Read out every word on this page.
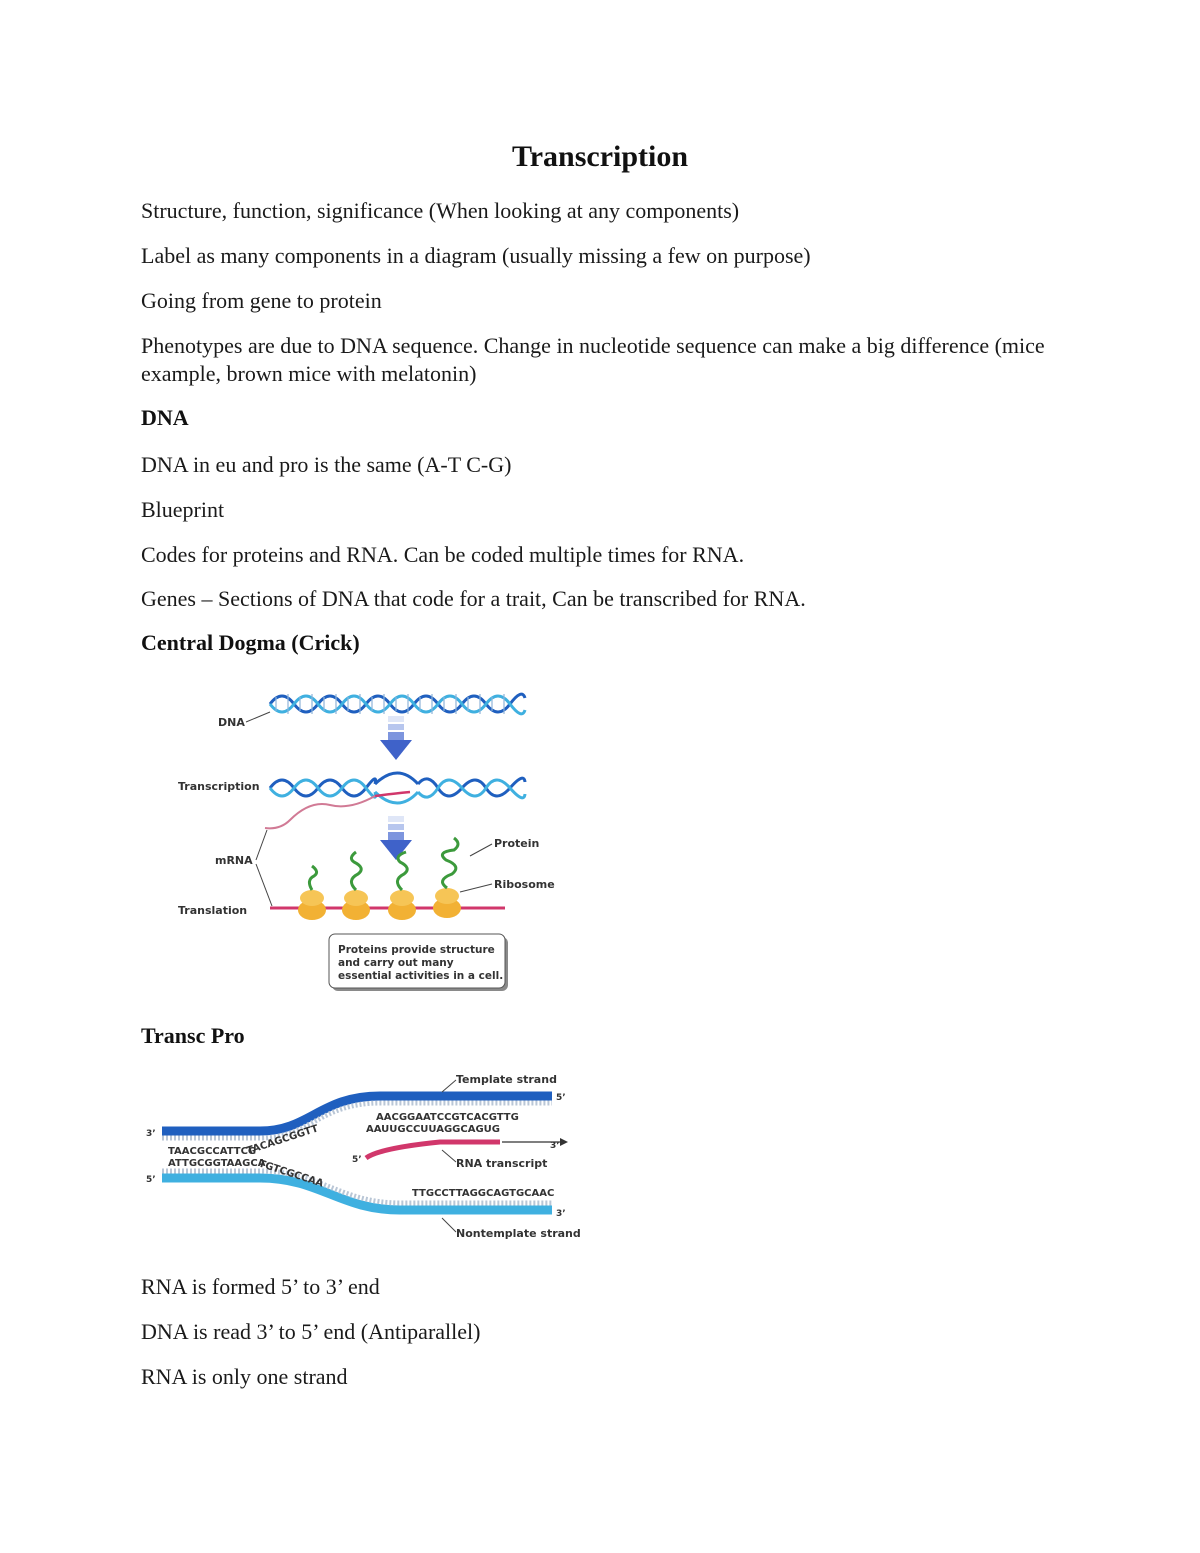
Transcription

Structure, function, significance (When looking at any components)

Label as many components in a diagram (usually missing a few on purpose)

Going from gene to protein

Phenotypes are due to DNA sequence. Change in nucleotide sequence can make a big difference (mice example, brown mice with melatonin)

DNA

DNA in eu and pro is the same (A-T C-G)

Blueprint

Codes for proteins and RNA. Can be coded multiple times for RNA.

Genes – Sections of DNA that code for a trait, Can be transcribed for RNA.

Central Dogma (Crick)

DNA
Transcription
Protein
Ribosome
mRNA
Translation
Proteins provide structure
and carry out many
essential activities in a cell.

Transc Pro

TAACGCCATTCG
ATTGCGGTAAGCA
TACAGCGGTT
TGTCGCCAA
AACGGAATCCGTCACGTTG
AAUUGCCUUAGGCAGUG
TTGCCTTAGGCAGTGCAAC
3’
5’
5’
3’
5’
3’
Template strand
RNA transcript
Nontemplate strand

RNA is formed 5’ to 3’ end

DNA is read 3’ to 5’ end (Antiparallel)

RNA is only one strand
